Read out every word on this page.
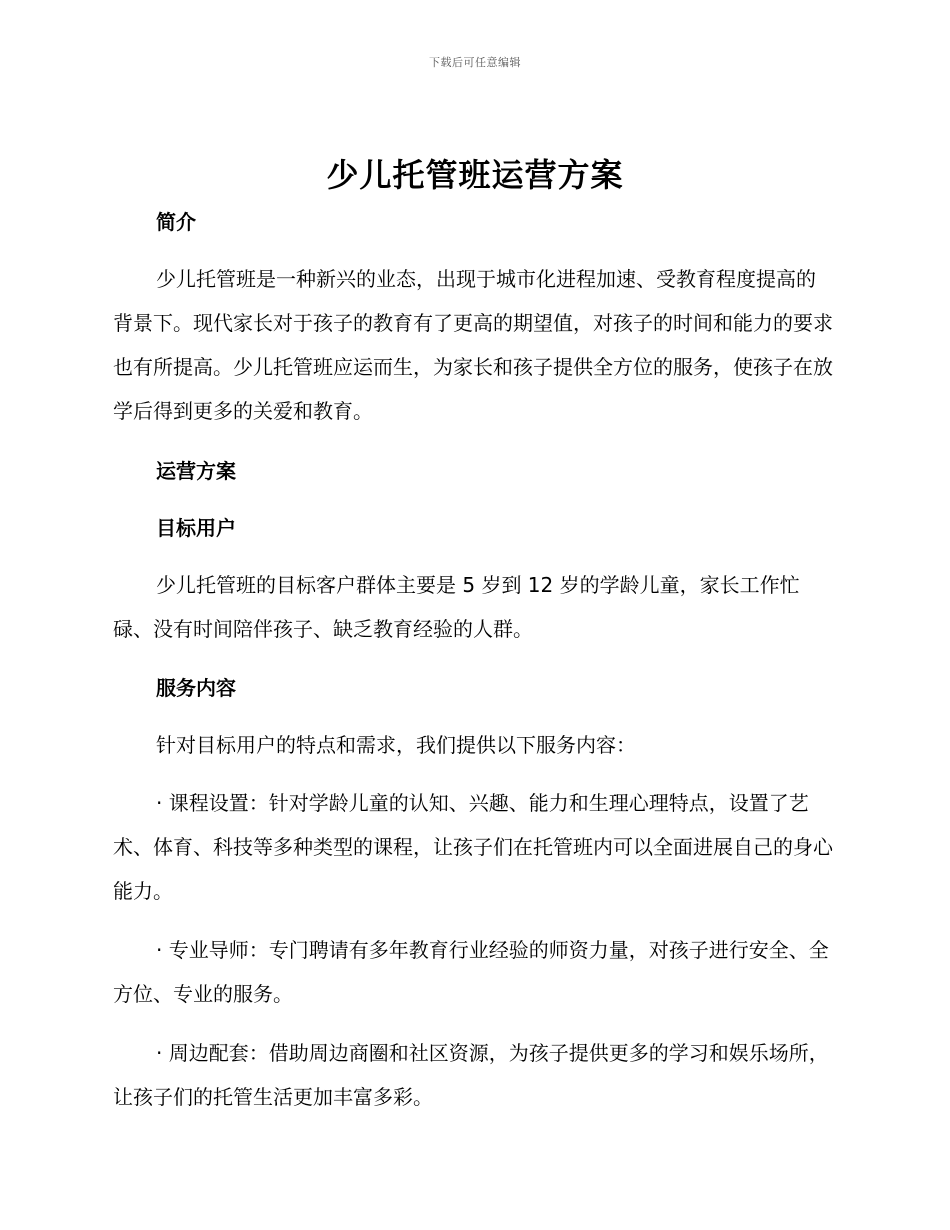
下载后可任意编辑
少儿托管班运营方案
简介

少儿托管班是一种新兴的业态，出现于城市化进程加速、受教育程度提高的背景下。现代家长对于孩子的教育有了更高的期望值，对孩子的时间和能力的要求也有所提高。少儿托管班应运而生，为家长和孩子提供全方位的服务，使孩子在放学后得到更多的关爱和教育。

运营方案
目标用户

少儿托管班的目标客户群体主要是 5 岁到 12 岁的学龄儿童，家长工作忙碌、没有时间陪伴孩子、缺乏教育经验的人群。

服务内容

针对目标用户的特点和需求，我们提供以下服务内容：

· 课程设置：针对学龄儿童的认知、兴趣、能力和生理心理特点，设置了艺术、体育、科技等多种类型的课程，让孩子们在托管班内可以全面进展自己的身心能力。

· 专业导师：专门聘请有多年教育行业经验的师资力量，对孩子进行安全、全方位、专业的服务。

· 周边配套：借助周边商圈和社区资源，为孩子提供更多的学习和娱乐场所，让孩子们的托管生活更加丰富多彩。
